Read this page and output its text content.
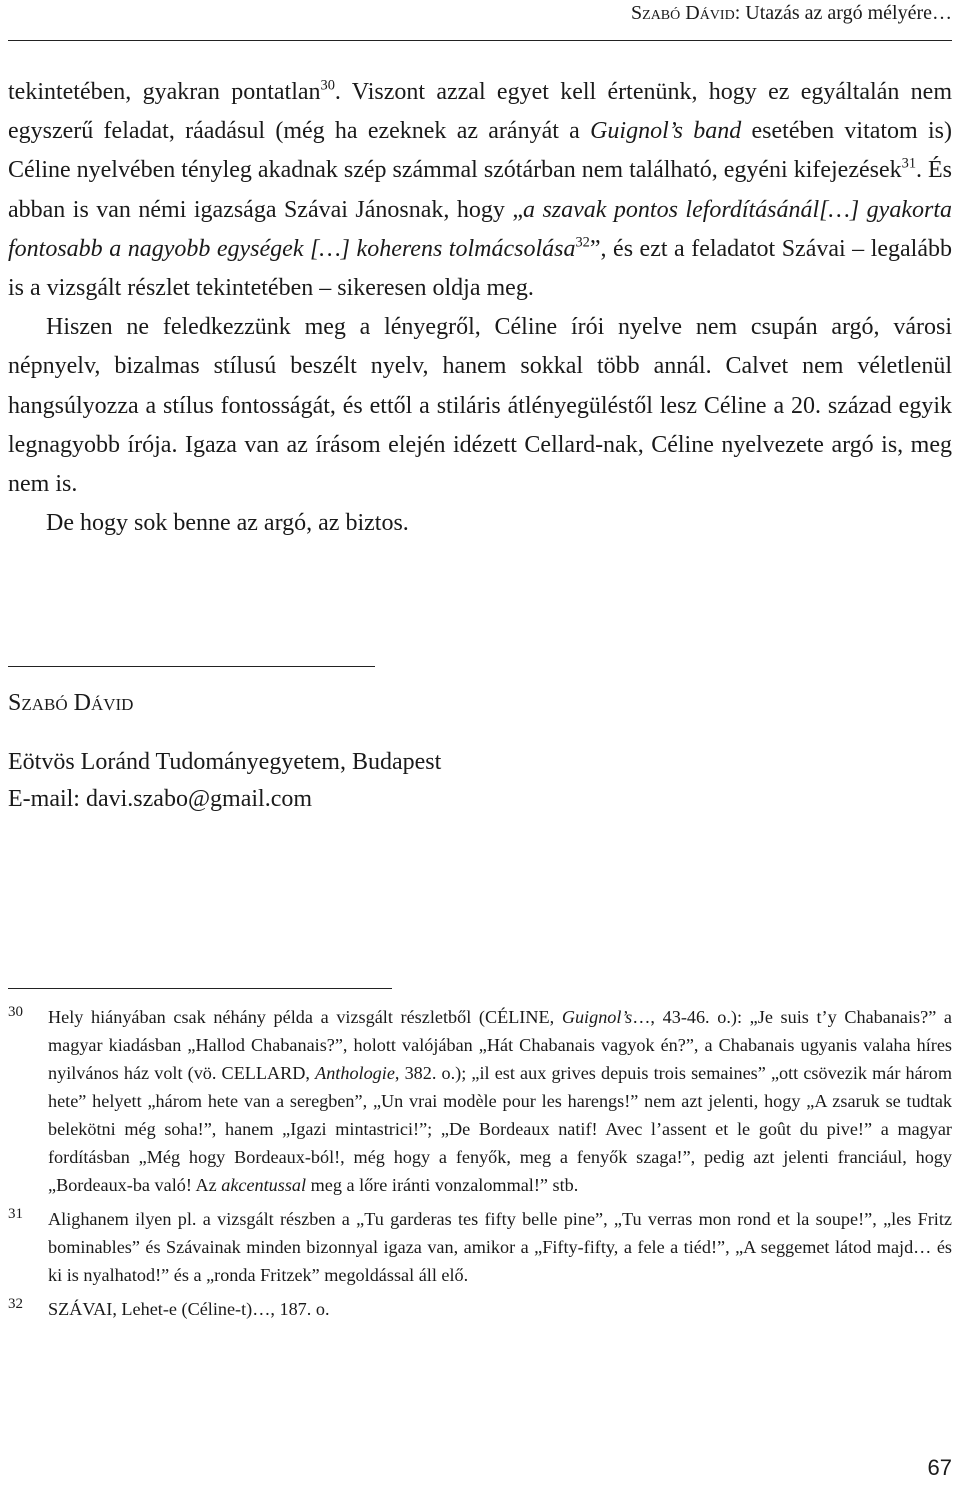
Szabó Dávid: Utazás az argó mélyére…

tekintetében, gyakran pontatlan$^{30}$. Viszont azzal egyet kell értenünk, hogy ez egyáltalán nem egyszerű feladat, ráadásul (még ha ezeknek az arányát a Guignol’s band esetében vitatom is) Céline nyelvében tényleg akadnak szép számmal szótárban nem található, egyéni kifejezések$^{31}$. És abban is van némi igazsága Szávai Jánosnak, hogy „a szavak pontos lefordításánál[…] gyakorta fontosabb a nagyobb egységek […] koherens tolmácsolása$^{32}$”, és ezt a feladatot Szávai – legalább is a vizsgált részlet tekintetében – sikeresen oldja meg.

Hiszen ne feledkezzünk meg a lényegről, Céline írói nyelve nem csupán argó, városi népnyelv, bizalmas stílusú beszélt nyelv, hanem sokkal több annál. Calvet nem véletlenül hangsúlyozza a stílus fontosságát, és ettől a stiláris átlényegüléstől lesz Céline a 20. század egyik legnagyobb írója. Igaza van az írásom elején idézett Cellard-nak, Céline nyelvezete argó is, meg nem is.

De hogy sok benne az argó, az biztos.

Szabó Dávid
Eötvös Loránd Tudományegyetem, Budapest
E-mail: davi.szabo@gmail.com
30 Hely hiányában csak néhány példa a vizsgált részletből (CÉLINE, Guignol’s…, 43-46. o.): „Je suis t’y Chabanais?” a magyar kiadásban „Hallod Chabanais?”, holott valójában „Hát Chabanais vagyok én?”, a Chabanais ugyanis valaha híres nyilvános ház volt (vö. CELLARD, Anthologie, 382. o.); „il est aux grives depuis trois semaines” „ott csövezik már három hete” helyett „három hete van a seregben”, „Un vrai modèle pour les harengs!” nem azt jelenti, hogy „A zsaruk se tudtak belekötni még soha!”, hanem „Igazi mintastrici!”; „De Bordeaux natif! Avec l’assent et le goût du pive!” a magyar fordításban „Még hogy Bordeaux-ból!, még hogy a fenyők, meg a fenyők szaga!”, pedig azt jelenti franciául, hogy „Bordeaux-ba való! Az akcentussal meg a lőre iránti vonzalommal!” stb.
31 Alighanem ilyen pl. a vizsgált részben a „Tu garderas tes fifty belle pine”, „Tu verras mon rond et la soupe!”, „les Fritz bominables” és Szávainak minden bizonnyal igaza van, amikor a „Fifty-fifty, a fele a tiéd!”, „A seggemet látod majd… és ki is nyalhatod!” és a „ronda Fritzek” megoldással áll elő.
32 SZÁVAI, Lehet-e (Céline-t)…, 187. o.
67
